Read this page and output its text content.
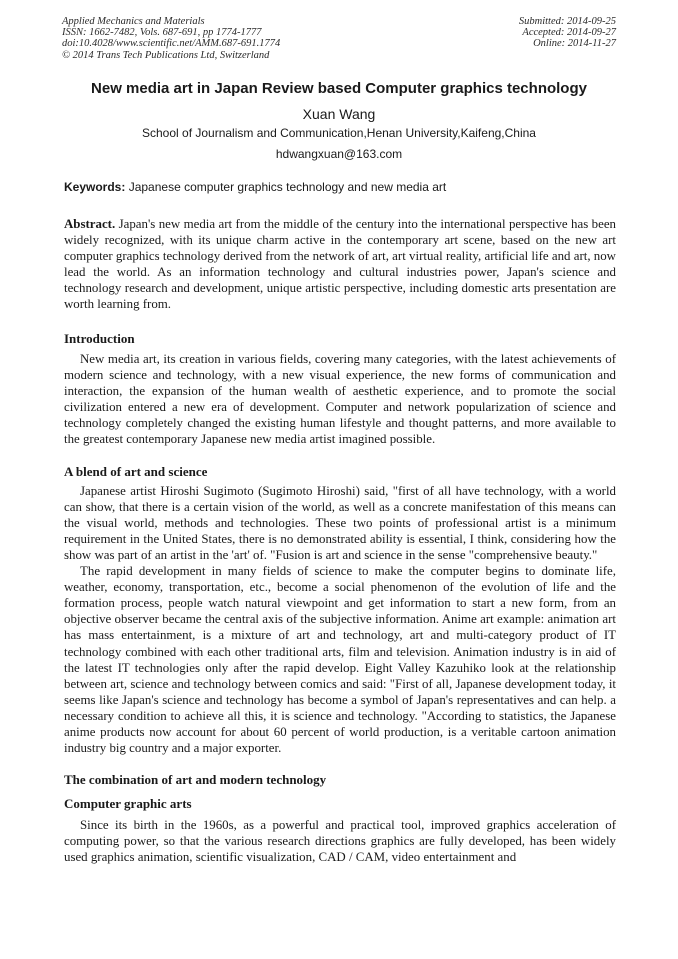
Applied Mechanics and Materials
ISSN: 1662-7482, Vols. 687-691, pp 1774-1777
doi:10.4028/www.scientific.net/AMM.687-691.1774
© 2014 Trans Tech Publications Ltd, Switzerland
Submitted: 2014-09-25
Accepted: 2014-09-27
Online: 2014-11-27
New media art in Japan Review based Computer graphics technology
Xuan Wang
School of Journalism and Communication,Henan University,Kaifeng,China
hdwangxuan@163.com
Keywords: Japanese computer graphics technology and new media art
Abstract. Japan's new media art from the middle of the century into the international perspective has been widely recognized, with its unique charm active in the contemporary art scene, based on the new art computer graphics technology derived from the network of art, art virtual reality, artificial life and art, now lead the world. As an information technology and cultural industries power, Japan's science and technology research and development, unique artistic perspective, including domestic arts presentation are worth learning from.
Introduction

New media art, its creation in various fields, covering many categories, with the latest achievements of modern science and technology, with a new visual experience, the new forms of communication and interaction, the expansion of the human wealth of aesthetic experience, and to promote the social civilization entered a new era of development. Computer and network popularization of science and technology completely changed the existing human lifestyle and thought patterns, and more available to the greatest contemporary Japanese new media artist imagined possible.

A blend of art and science

Japanese artist Hiroshi Sugimoto (Sugimoto Hiroshi) said, "first of all have technology, with a world can show, that there is a certain vision of the world, as well as a concrete manifestation of this means can the visual world, methods and technologies. These two points of professional artist is a minimum requirement in the United States, there is no demonstrated ability is essential, I think, considering how the show was part of an artist in the 'art' of. "Fusion is art and science in the sense "comprehensive beauty."

The rapid development in many fields of science to make the computer begins to dominate life, weather, economy, transportation, etc., become a social phenomenon of the evolution of life and the formation process, people watch natural viewpoint and get information to start a new form, from an objective observer became the central axis of the subjective information. Anime art example: animation art has mass entertainment, is a mixture of art and technology, art and multi-category product of IT technology combined with each other traditional arts, film and television. Animation industry is in aid of the latest IT technologies only after the rapid develop. Eight Valley Kazuhiko look at the relationship between art, science and technology between comics and said: "First of all, Japanese development today, it seems like Japan's science and technology has become a symbol of Japan's representatives and can help. a necessary condition to achieve all this, it is science and technology. "According to statistics, the Japanese anime products now account for about 60 percent of world production, is a veritable cartoon animation industry big country and a major exporter.

The combination of art and modern technology
Computer graphic arts

Since its birth in the 1960s, as a powerful and practical tool, improved graphics acceleration of computing power, so that the various research directions graphics are fully developed, has been widely used graphics animation, scientific visualization, CAD / CAM, video entertainment and
